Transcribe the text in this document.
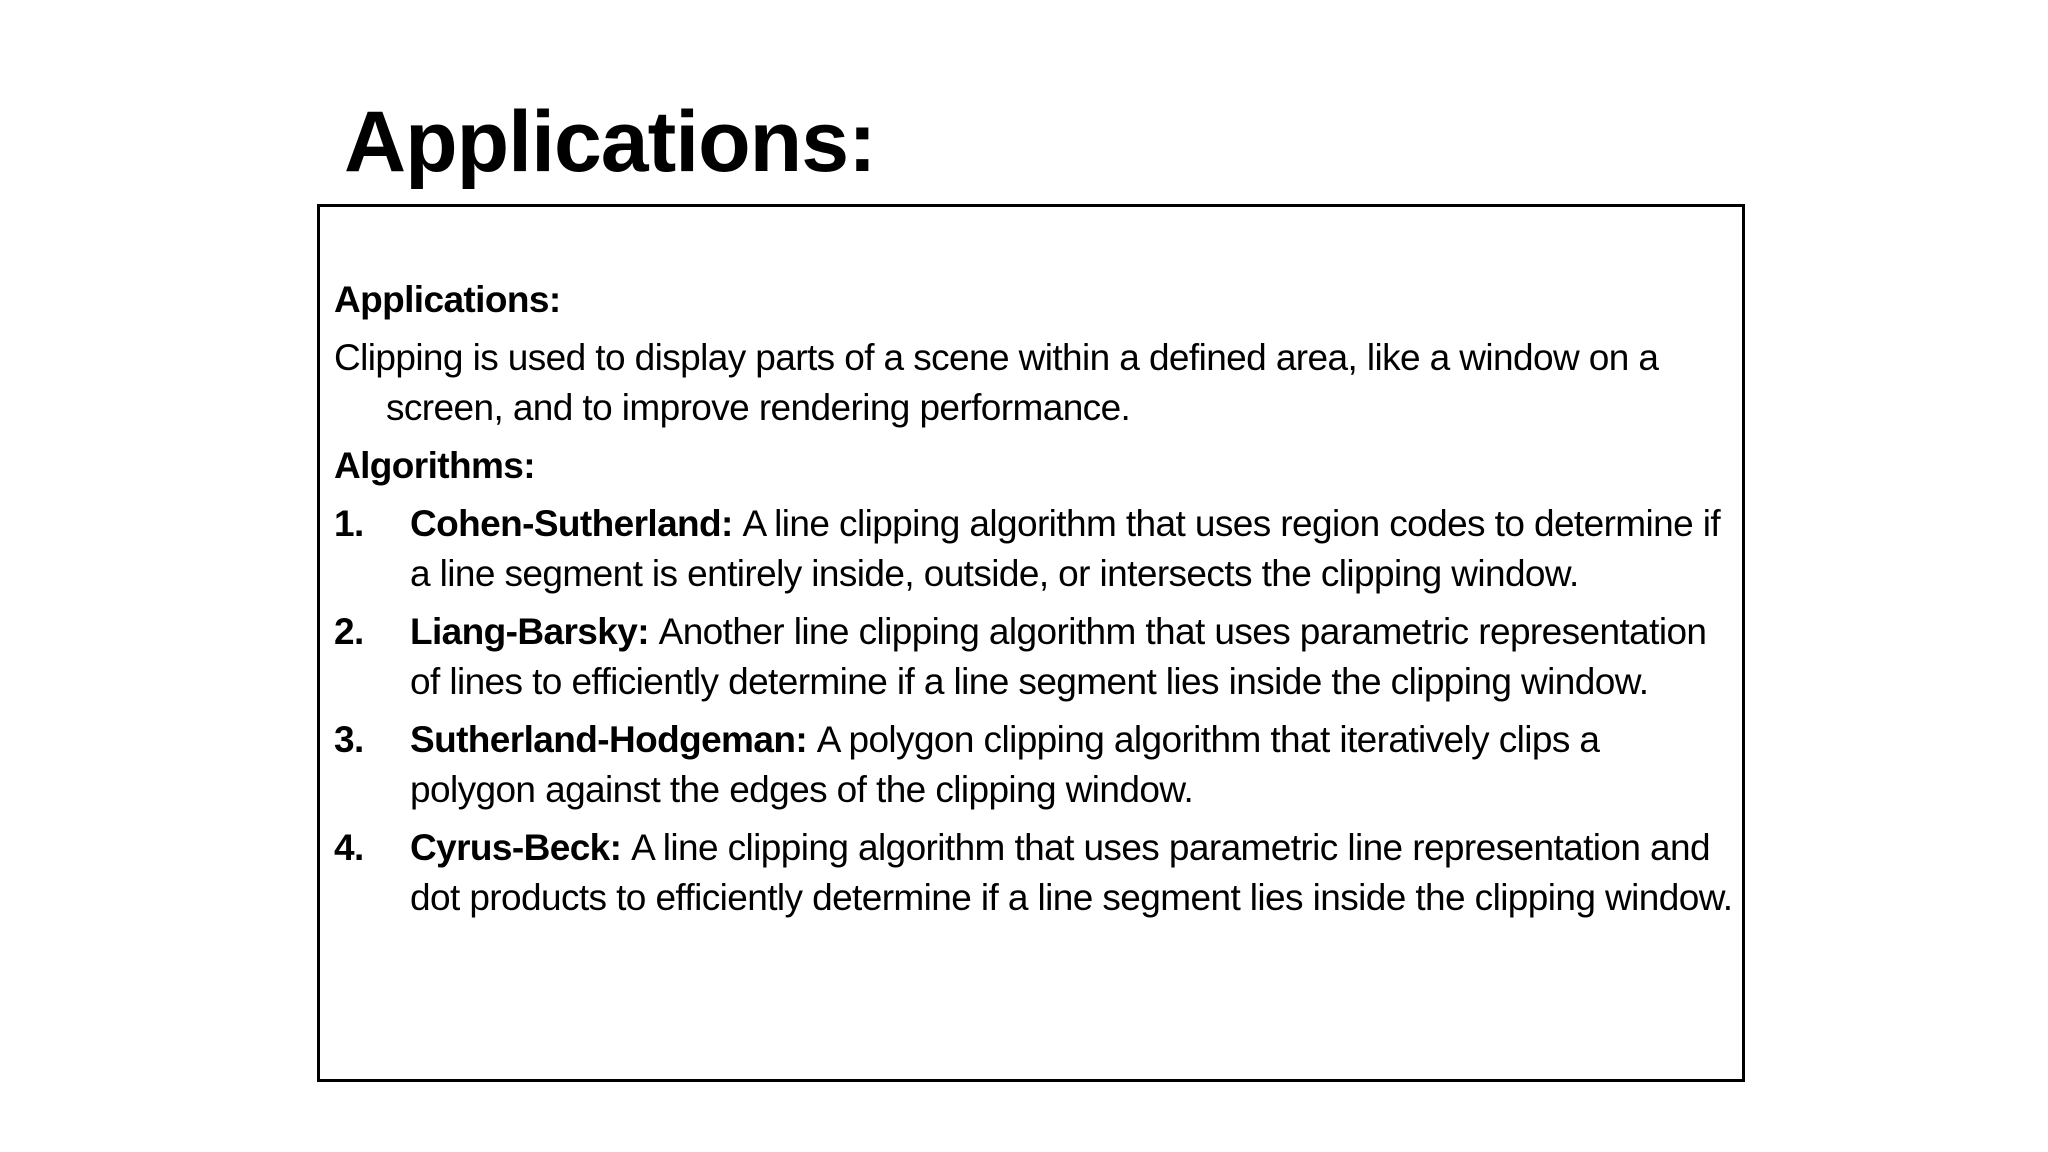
Applications:

Applications:

Clipping is used to display parts of a scene within a defined area, like a window on a screen, and to improve rendering performance.

Algorithms:

1. Cohen-Sutherland: A line clipping algorithm that uses region codes to determine if a line segment is entirely inside, outside, or intersects the clipping window.
2. Liang-Barsky: Another line clipping algorithm that uses parametric representation of lines to efficiently determine if a line segment lies inside the clipping window.
3. Sutherland-Hodgeman: A polygon clipping algorithm that iteratively clips a polygon against the edges of the clipping window.
4. Cyrus-Beck: A line clipping algorithm that uses parametric line representation and dot products to efficiently determine if a line segment lies inside the clipping window.
